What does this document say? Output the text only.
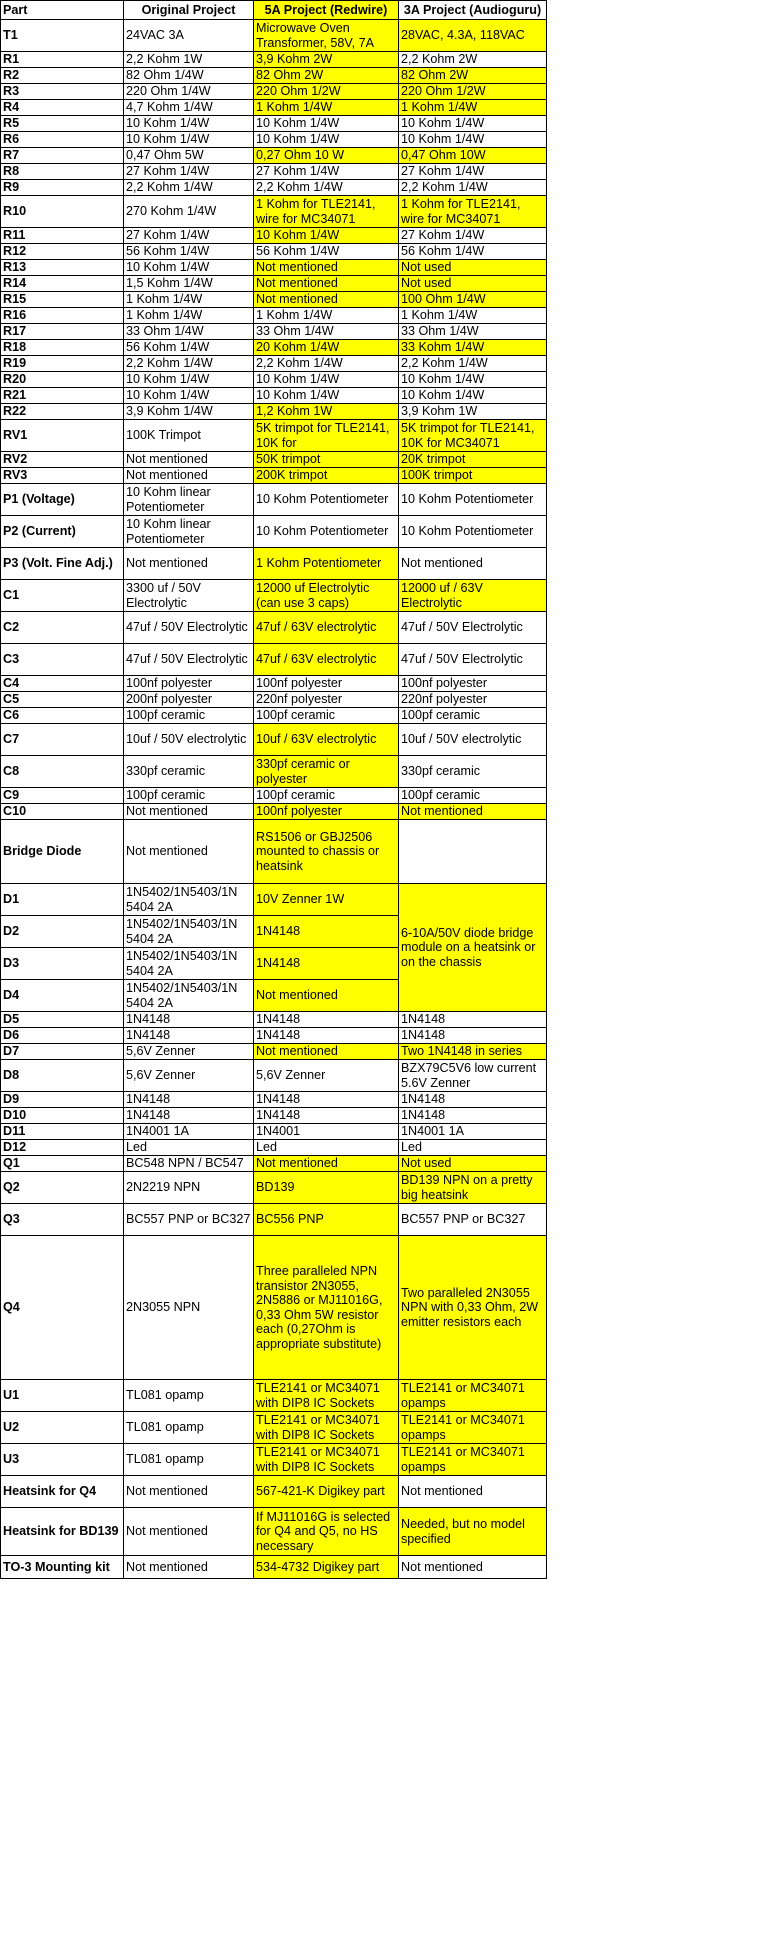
Part	Original Project	5A Project (Redwire)	3A Project (Audioguru)
T1	24VAC 3A	Microwave Oven Transformer, 58V, 7A	28VAC, 4.3A, 118VAC
R1	2,2 Kohm 1W	3,9 Kohm 2W	2,2 Kohm 2W
R2	82 Ohm 1/4W	82 Ohm 2W	82 Ohm 2W
R3	220 Ohm 1/4W	220 Ohm 1/2W	220 Ohm 1/2W
R4	4,7 Kohm 1/4W	1 Kohm 1/4W	1 Kohm 1/4W
R5	10 Kohm 1/4W	10 Kohm 1/4W	10 Kohm 1/4W
R6	10 Kohm 1/4W	10 Kohm 1/4W	10 Kohm 1/4W
R7	0,47 Ohm 5W	0,27 Ohm 10 W	0,47 Ohm 10W
R8	27 Kohm 1/4W	27 Kohm 1/4W	27 Kohm 1/4W
R9	2,2 Kohm 1/4W	2,2 Kohm 1/4W	2,2 Kohm 1/4W
R10	270 Kohm 1/4W	1 Kohm for TLE2141, wire for MC34071	1 Kohm for TLE2141, wire for MC34071
R11	27 Kohm 1/4W	10 Kohm 1/4W	27 Kohm 1/4W
R12	56 Kohm 1/4W	56 Kohm 1/4W	56 Kohm 1/4W
R13	10 Kohm 1/4W	Not mentioned	Not used
R14	1,5 Kohm 1/4W	Not mentioned	Not used
R15	1 Kohm 1/4W	Not mentioned	100 Ohm 1/4W
R16	1 Kohm 1/4W	1 Kohm 1/4W	1 Kohm 1/4W
R17	33 Ohm 1/4W	33 Ohm 1/4W	33 Ohm 1/4W
R18	56 Kohm 1/4W	20 Kohm 1/4W	33 Kohm 1/4W
R19	2,2 Kohm 1/4W	2,2 Kohm 1/4W	2,2 Kohm 1/4W
R20	10 Kohm 1/4W	10 Kohm 1/4W	10 Kohm 1/4W
R21	10 Kohm 1/4W	10 Kohm 1/4W	10 Kohm 1/4W
R22	3,9 Kohm 1/4W	1,2 Kohm 1W	3,9 Kohm 1W
RV1	100K Trimpot	5K trimpot for TLE2141, 10K for	5K trimpot for TLE2141, 10K for MC34071
RV2	Not mentioned	50K trimpot	20K trimpot
RV3	Not mentioned	200K trimpot	100K trimpot
P1 (Voltage)	10 Kohm linear Potentiometer	10 Kohm Potentiometer	10 Kohm Potentiometer
P2 (Current)	10 Kohm linear Potentiometer	10 Kohm Potentiometer	10 Kohm Potentiometer
P3 (Volt. Fine Adj.)	Not mentioned	1 Kohm Potentiometer	Not mentioned
C1	3300 uf / 50V Electrolytic	12000 uf Electrolytic (can use 3 caps)	12000 uf / 63V Electrolytic
C2	47uf / 50V Electrolytic	47uf / 63V electrolytic	47uf / 50V Electrolytic
C3	47uf / 50V Electrolytic	47uf / 63V electrolytic	47uf / 50V Electrolytic
C4	100nf polyester	100nf polyester	100nf polyester
C5	200nf polyester	220nf polyester	220nf polyester
C6	100pf ceramic	100pf ceramic	100pf ceramic
C7	10uf / 50V electrolytic	10uf / 63V electrolytic	10uf / 50V electrolytic
C8	330pf ceramic	330pf ceramic or polyester	330pf ceramic
C9	100pf ceramic	100pf ceramic	100pf ceramic
C10	Not mentioned	100nf polyester	Not mentioned
Bridge Diode	Not mentioned	RS1506 or GBJ2506 mounted to chassis or heatsink	
D1	1N5402/1N5403/1N 5404 2A	10V Zenner 1W	6-10A/50V diode bridge module on a heatsink or on the chassis
D2	1N5402/1N5403/1N 5404 2A	1N4148	
D3	1N5402/1N5403/1N 5404 2A	1N4148	
D4	1N5402/1N5403/1N 5404 2A	Not mentioned	
D5	1N4148	1N4148	1N4148
D6	1N4148	1N4148	1N4148
D7	5,6V Zenner	Not mentioned	Two 1N4148 in series
D8	5,6V Zenner	5,6V Zenner	BZX79C5V6 low current 5.6V Zenner
D9	1N4148	1N4148	1N4148
D10	1N4148	1N4148	1N4148
D11	1N4001 1A	1N4001	1N4001 1A
D12	Led	Led	Led
Q1	BC548 NPN / BC547	Not mentioned	Not used
Q2	2N2219 NPN	BD139	BD139 NPN on a pretty big heatsink
Q3	BC557 PNP or BC327	BC556 PNP	BC557 PNP or BC327
Q4	2N3055 NPN	Three paralleled NPN transistor 2N3055, 2N5886 or MJ11016G, 0,33 Ohm 5W resistor each (0,27Ohm is appropriate substitute)	Two paralleled 2N3055 NPN with 0,33 Ohm, 2W emitter resistors each
U1	TL081 opamp	TLE2141 or MC34071 with DIP8 IC Sockets	TLE2141 or MC34071 opamps
U2	TL081 opamp	TLE2141 or MC34071 with DIP8 IC Sockets	TLE2141 or MC34071 opamps
U3	TL081 opamp	TLE2141 or MC34071 with DIP8 IC Sockets	TLE2141 or MC34071 opamps
Heatsink for Q4	Not mentioned	567-421-K Digikey part	Not mentioned
Heatsink for BD139	Not mentioned	If MJ11016G is selected for Q4 and Q5, no HS necessary	Needed, but no model specified
TO-3 Mounting kit	Not mentioned	534-4732 Digikey part	Not mentioned
